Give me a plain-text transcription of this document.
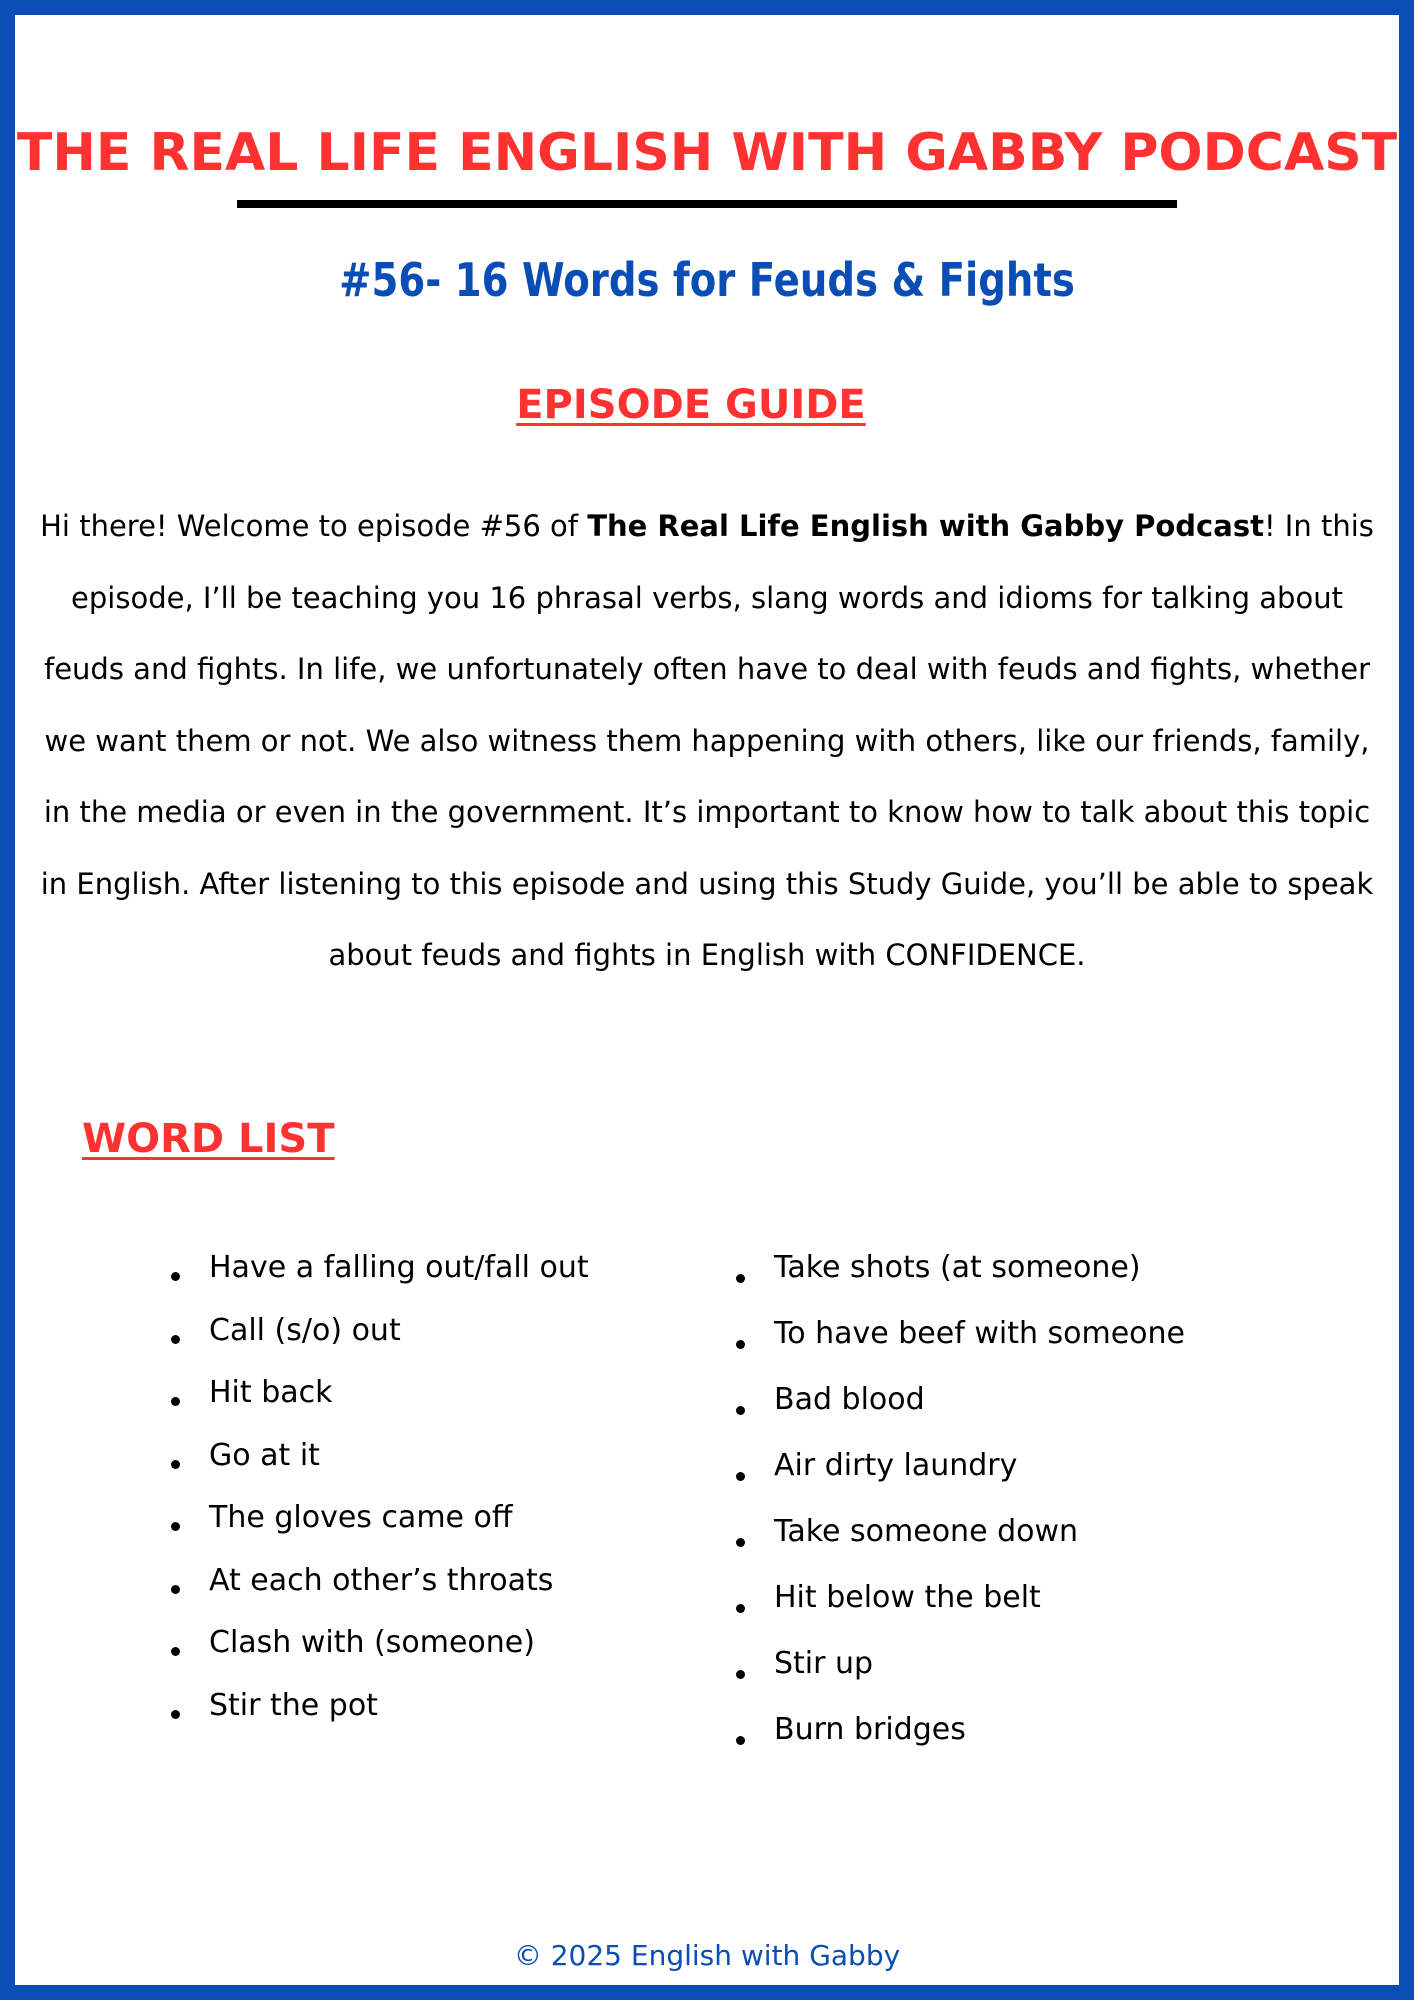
THE REAL LIFE ENGLISH WITH GABBY PODCAST
#56- 16 Words for Feuds & Fights
EPISODE GUIDE

Hi there! Welcome to episode #56 of The Real Life English with Gabby Podcast! In this episode, I’ll be teaching you 16 phrasal verbs, slang words and idioms for talking about feuds and fights. In life, we unfortunately often have to deal with feuds and fights, whether we want them or not. We also witness them happening with others, like our friends, family, in the media or even in the government. It’s important to know how to talk about this topic in English. After listening to this episode and using this Study Guide, you’ll be able to speak about feuds and fights in English with CONFIDENCE.

WORD LIST
Have a falling out/fall out
Call (s/o) out
Hit back
Go at it
The gloves came off
At each other’s throats
Clash with (someone)
Stir the pot
Take shots (at someone)
To have beef with someone
Bad blood
Air dirty laundry
Take someone down
Hit below the belt
Stir up
Burn bridges
© 2025 English with Gabby
